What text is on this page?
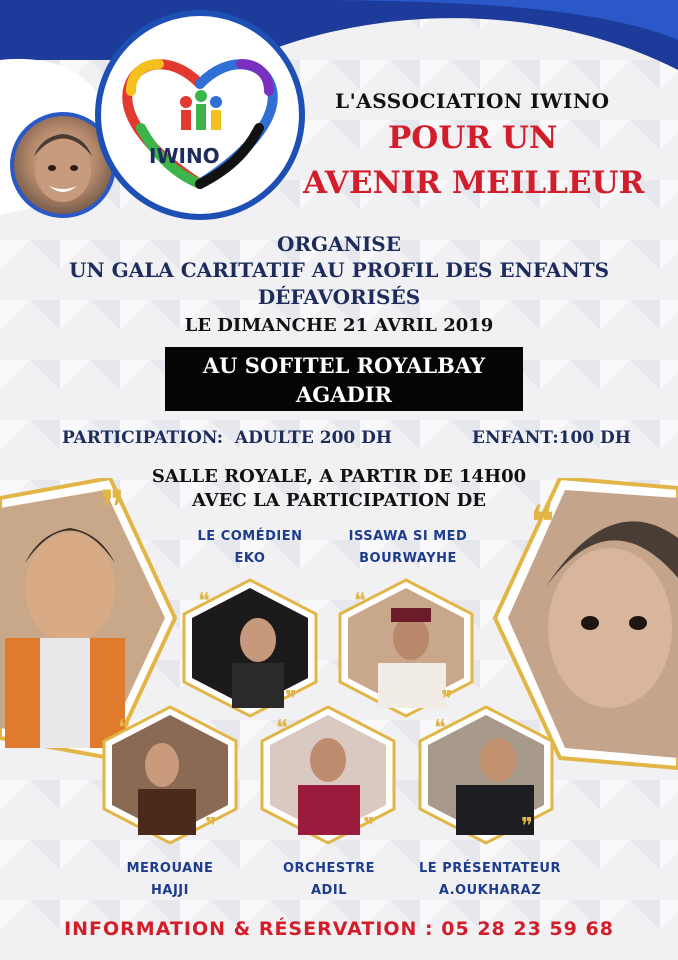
IWINO
L'ASSOCIATION IWINO
POUR UN
AVENIR MEILLEUR
ORGANISE
UN GALA CARITATIF AU PROFIL DES ENFANTS
DÉFAVORISÉS
LE DIMANCHE 21 AVRIL 2019
AU SOFITEL ROYALBAY
AGADIR
PARTICIPATION:  ADULTE 200 DH	ENFANT:100 DH
SALLE ROYALE, A PARTIR DE 14H00
AVEC LA PARTICIPATION DE
❞	❝
LE COMÉDIEN
EKO
ISSAWA SI MED
BOURWAYHE
❝
❞
❝
❞
❝
❞
❝
❞
❝
❞
MEROUANE
HAJJI
ORCHESTRE
ADIL
LE PRÉSENTATEUR
A.OUKHARAZ
INFORMATION & RÉSERVATION : 05 28 23 59 68
